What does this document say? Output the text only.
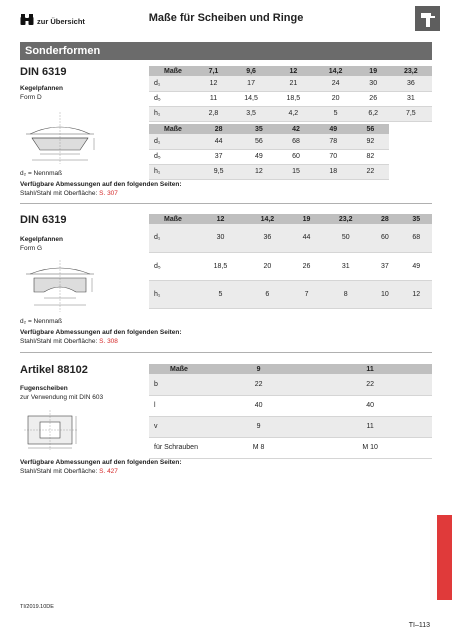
zur Übersicht	Maße für Scheiben und Ringe
Sonderformen
DIN 6319
Kegelpfannen
Form D
d₂ = Nennmaß
Verfügbare Abmessungen auf den folgenden Seiten:
Stahl/Stahl mit Oberfläche: S. 307
Maße	7,1	9,6	12	14,2	19	23,2
d₁	12	17	21	24	30	36
d₅	11	14,5	18,5	20	26	31
h₁	2,8	3,5	4,2	5	6,2	7,5
Maße	28	35	42	49	56
d₁	44	56	68	78	92
d₅	37	49	60	70	82
h₁	9,5	12	15	18	22
DIN 6319
Kegelpfannen
Form G
d₂ = Nennmaß
Verfügbare Abmessungen auf den folgenden Seiten:
Stahl/Stahl mit Oberfläche: S. 308
Maße	12	14,2	19	23,2	28	35
d₁	30	36	44	50	60	68
d₅	18,5	20	26	31	37	49
h₁	5	6	7	8	10	12
Artikel 88102
Fugenscheiben
zur Verwendung mit DIN 603
Verfügbare Abmessungen auf den folgenden Seiten:
Stahl/Stahl mit Oberfläche: S. 427
Maße	9	11
b	22	22
l	40	40
v	9	11
für Schrauben	M 8	M 10
TI/2019.10DE
TI–113
